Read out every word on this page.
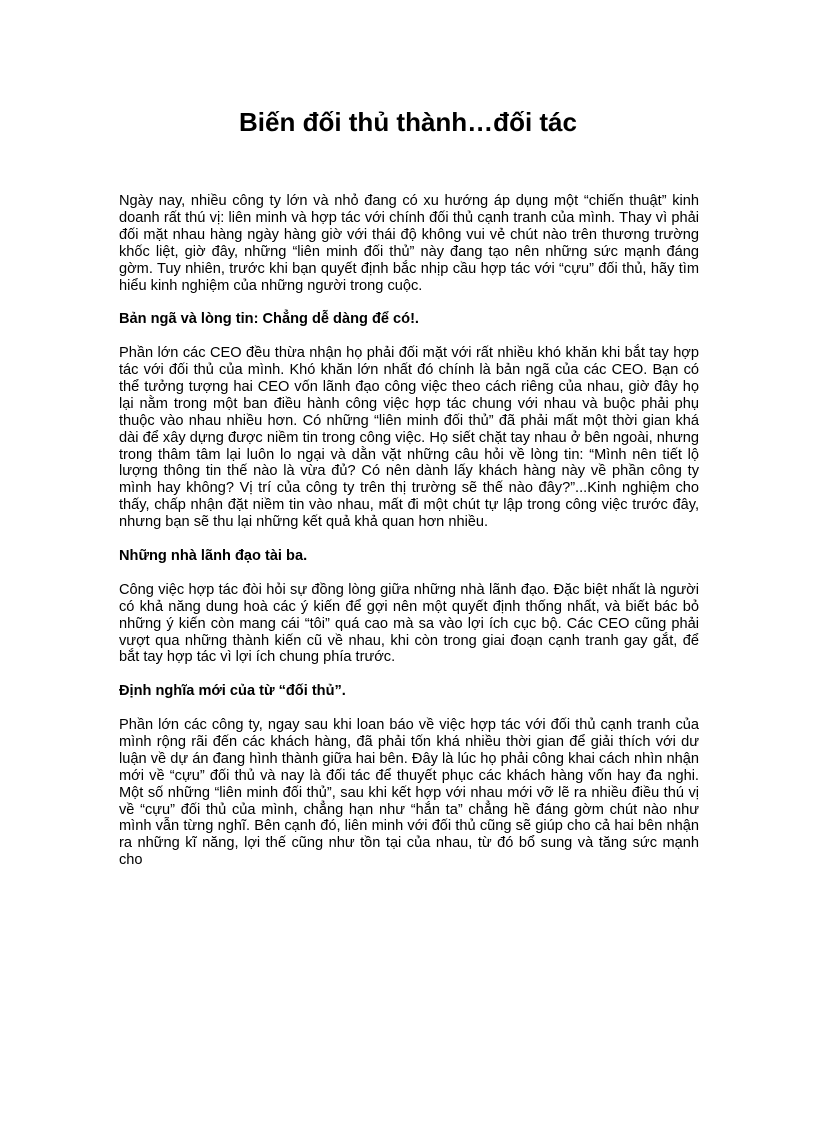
Biến đối thủ thành…đối tác

Ngày nay, nhiều công ty lớn và nhỏ đang có xu hướng áp dụng một “chiến thuật” kinh doanh rất thú vị: liên minh và hợp tác với chính đối thủ cạnh tranh của mình. Thay vì phải đối mặt nhau hàng ngày hàng giờ với thái độ không vui vẻ chút nào trên thương trường khốc liệt, giờ đây, những “liên minh đối thủ” này đang tạo nên những sức mạnh đáng gờm. Tuy nhiên, trước khi bạn quyết định bắc nhịp cầu hợp tác với “cựu” đối thủ, hãy tìm hiểu kinh nghiệm của những người trong cuộc.

Bản ngã và lòng tin: Chẳng dễ dàng để có!.

Phần lớn các CEO đều thừa nhận họ phải đối mặt với rất nhiều khó khăn khi bắt tay hợp tác với đối thủ của mình. Khó khăn lớn nhất đó chính là bản ngã của các CEO. Bạn có thể tưởng tượng hai CEO vốn lãnh đạo công việc theo cách riêng của nhau, giờ đây họ lại nằm trong một ban điều hành công việc hợp tác chung với nhau và buộc phải phụ thuộc vào nhau nhiều hơn. Có những “liên minh đối thủ” đã phải mất một thời gian khá dài để xây dựng được niềm tin trong công việc. Họ siết chặt tay nhau ở bên ngoài, nhưng trong thâm tâm lại luôn lo ngại và dằn vặt những câu hỏi về lòng tin: “Mình nên tiết lộ lượng thông tin thế nào là vừa đủ? Có nên dành lấy khách hàng này về phần công ty mình hay không? Vị trí của công ty trên thị trường sẽ thế nào đây?”...Kinh nghiệm cho thấy, chấp nhận đặt niềm tin vào nhau, mất đi một chút tự lập trong công việc trước đây, nhưng bạn sẽ thu lại những kết quả khả quan hơn nhiều.

Những nhà lãnh đạo tài ba.

Công việc hợp tác đòi hỏi sự đồng lòng giữa những nhà lãnh đạo. Đặc biệt nhất là người có khả năng dung hoà các ý kiến để gợi nên một quyết định thống nhất, và biết bác bỏ những ý kiến còn mang cái “tôi” quá cao mà sa vào lợi ích cục bộ. Các CEO cũng phải vượt qua những thành kiến cũ về nhau, khi còn trong giai đoạn cạnh tranh gay gắt, để bắt tay hợp tác vì lợi ích chung phía trước.

Định nghĩa mới của từ “đối thủ”.

Phần lớn các công ty, ngay sau khi loan báo về việc hợp tác với đối thủ cạnh tranh của mình rộng rãi đến các khách hàng, đã phải tốn khá nhiều thời gian để giải thích với dư luận về dự án đang hình thành giữa hai bên. Đây là lúc họ phải công khai cách nhìn nhận mới về “cựu” đối thủ và nay là đối tác để thuyết phục các khách hàng vốn hay đa nghi. Một số những “liên minh đối thủ”, sau khi kết hợp với nhau mới vỡ lẽ ra nhiều điều thú vị về “cựu” đối thủ của mình, chẳng hạn như “hắn ta” chẳng hề đáng gờm chút nào như mình vẫn từng nghĩ. Bên cạnh đó, liên minh với đối thủ cũng sẽ giúp cho cả hai bên nhận ra những kĩ năng, lợi thế cũng như tồn tại của nhau, từ đó bổ sung và tăng sức mạnh cho
